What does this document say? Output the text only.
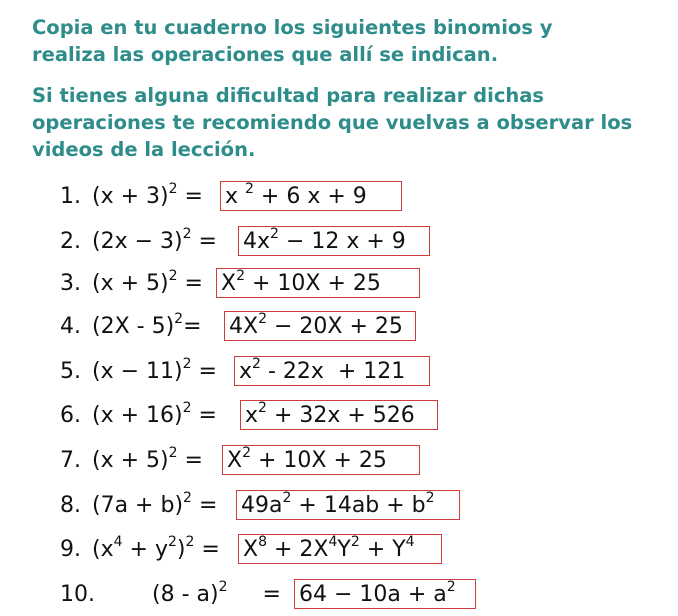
Copia en tu cuaderno los siguientes binomios y
realiza las operaciones que allí se indican.
Si tienes alguna dificultad para realizar dichas
operaciones te recomiendo que vuelvas a observar los
videos de la lección.
1. $(x + 3)^2 = x$ $^2$ + 6 x + 9
2. $(2x - 3)^2 = 4x^2 - 12$ x + 9
3. $(x + 5)^2 = X^2 + 10X + 25$
4. $(2X - 5)^2= 4X^2 - 20X + 25$
5. $(x - 11)^2 = x^2 - 22x + 121$
6. $(x + 16)^2 = x^2 + 32x + 526$
7. $(x + 5)^2 = X^2 + 10X + 25$
8. $(7a + b)^2 = 49a^2 + 14ab + b^2$
9. $(x^4 + y^2)^2 = X^8 + 2X^4Y^2 + Y^4$
10.	(8 - a)$^2$     = $64 - 10a + a^2$
